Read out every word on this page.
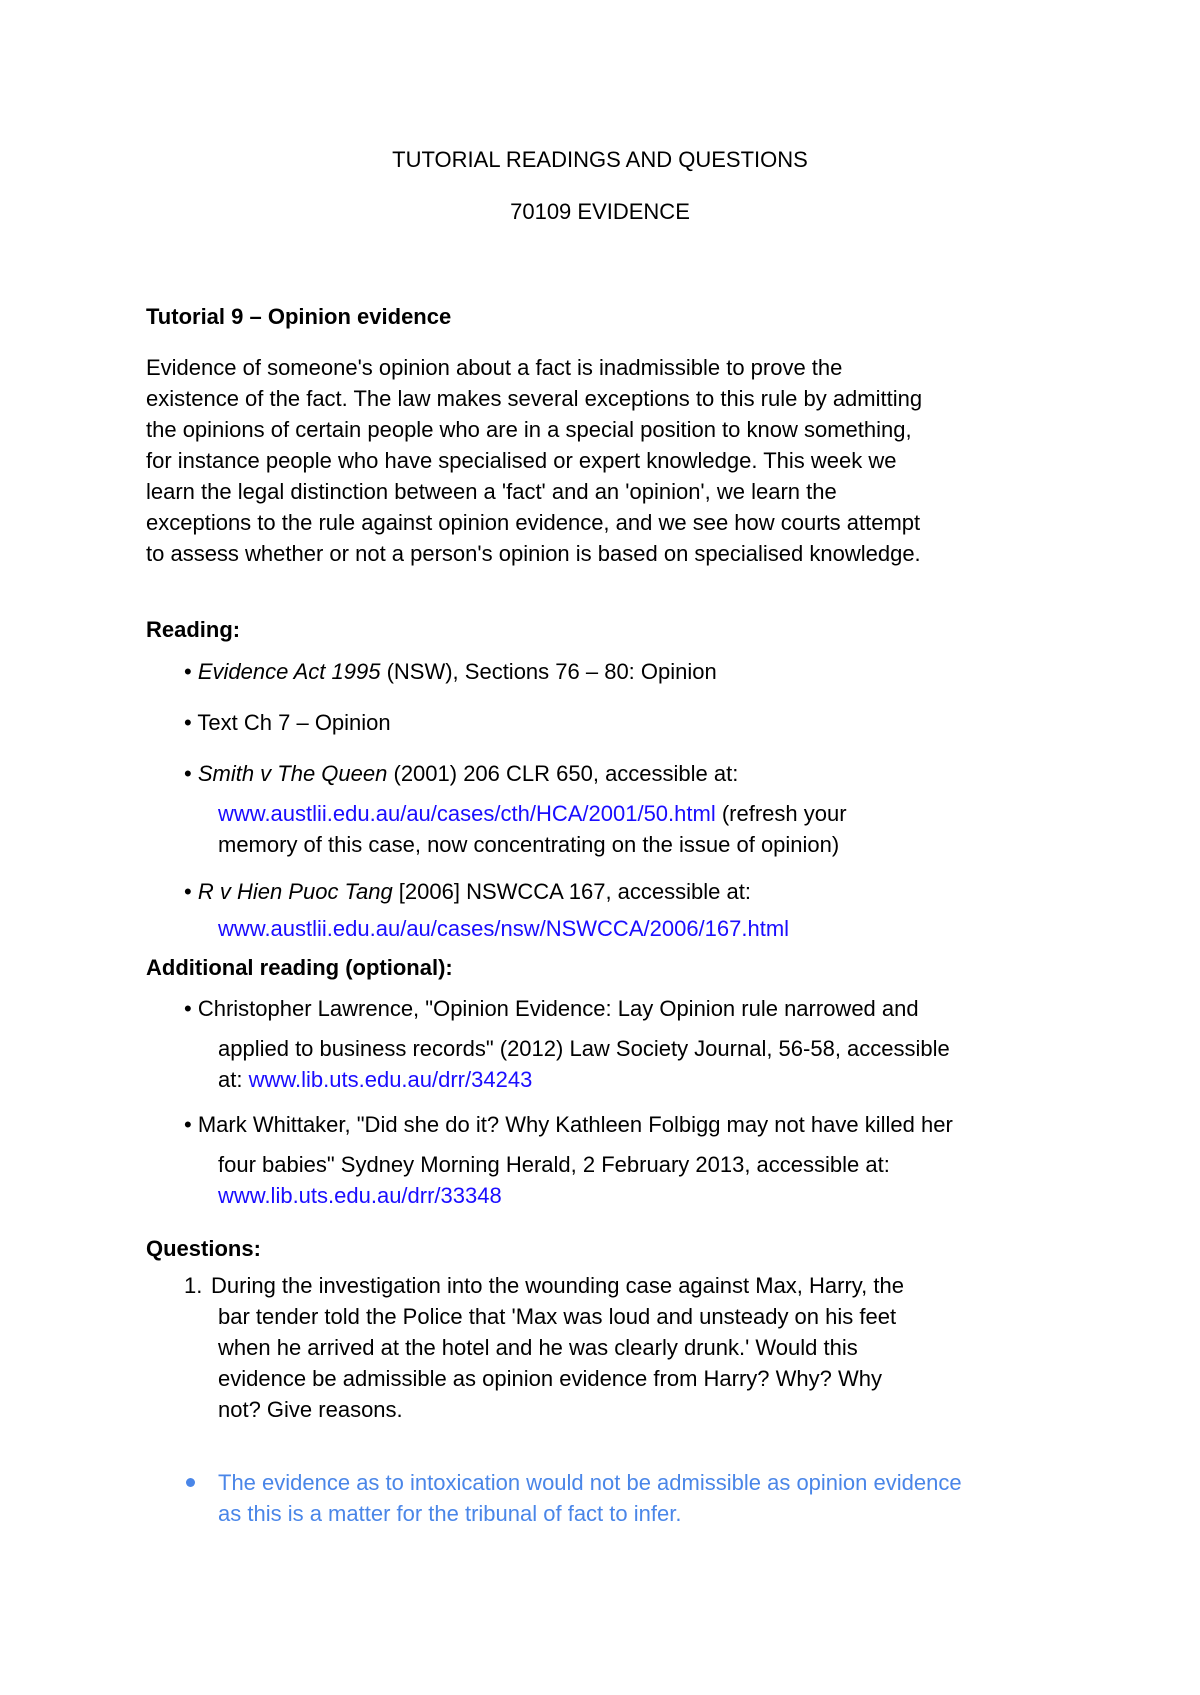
TUTORIAL READINGS AND QUESTIONS
70109 EVIDENCE
Tutorial 9 – Opinion evidence
Evidence of someone's opinion about a fact is inadmissible to prove the
existence of the fact. The law makes several exceptions to this rule by admitting
the opinions of certain people who are in a special position to know something,
for instance people who have specialised or expert knowledge. This week we
learn the legal distinction between a 'fact' and an 'opinion', we learn the
exceptions to the rule against opinion evidence, and we see how courts attempt
to assess whether or not a person's opinion is based on specialised knowledge.
Reading:
• Evidence Act 1995 (NSW), Sections 76 – 80: Opinion
• Text Ch 7 – Opinion
• Smith v The Queen (2001) 206 CLR 650, accessible at:
www.austlii.edu.au/au/cases/cth/HCA/2001/50.html (refresh your
memory of this case, now concentrating on the issue of opinion)
• R v Hien Puoc Tang [2006] NSWCCA 167, accessible at:
www.austlii.edu.au/au/cases/nsw/NSWCCA/2006/167.html
Additional reading (optional):
• Christopher Lawrence, "Opinion Evidence: Lay Opinion rule narrowed and
applied to business records" (2012) Law Society Journal, 56-58, accessible
at: www.lib.uts.edu.au/drr/34243
• Mark Whittaker, "Did she do it? Why Kathleen Folbigg may not have killed her
four babies" Sydney Morning Herald, 2 February 2013, accessible at:
www.lib.uts.edu.au/drr/33348
Questions:
1. During the investigation into the wounding case against Max, Harry, the
bar tender told the Police that 'Max was loud and unsteady on his feet
when he arrived at the hotel and he was clearly drunk.' Would this
evidence be admissible as opinion evidence from Harry? Why? Why
not? Give reasons.
The evidence as to intoxication would not be admissible as opinion evidence
as this is a matter for the tribunal of fact to infer.
